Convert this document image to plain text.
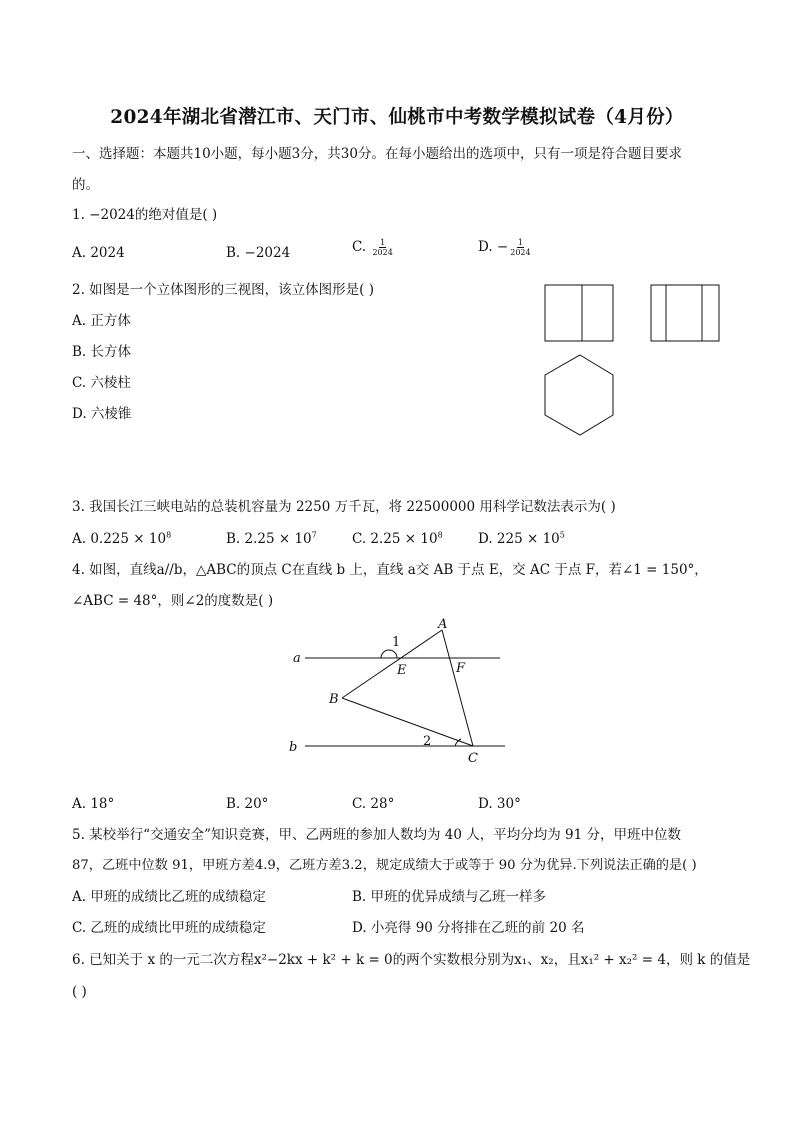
2024年湖北省潜江市、天门市、仙桃市中考数学模拟试卷（4月份）
一、选择题：本题共10小题，每小题3分，共30分。在每小题给出的选项中，只有一项是符合题目要求
的。
1. −2024的绝对值是( )
A. 2024	B. −2024	C. $\frac{1}{2024}$	D. − $\frac{1}{2024}$
2. 如图是一个立体图形的三视图，该立体图形是( )
A. 正方体
B. 长方体
C. 六棱柱
D. 六棱锥
3. 我国长江三峡电站的总装机容量为 2250 万千瓦，将 22500000 用科学记数法表示为( )
A. $0.225 \times 10^8$	B. $2.25 \times 10^7$	C. $2.25 \times 10^8$	D. $225 \times 10^5$
4. 如图，直线a//b，△ABC的顶点 C在直线 b 上，直线 a交 AB 于点 E，交 AC 于点 F，若∠1 = 150°，
∠ABC = 48°，则∠2的度数是( )
a
b
A
B
C
E	F
1
2
A. 18°	B. 20°	C. 28°	D. 30°
5. 某校举行“交通安全”知识竞赛，甲、乙两班的参加人数均为 40 人，平均分均为 91 分，甲班中位数
87，乙班中位数 91，甲班方差4.9，乙班方差3.2，规定成绩大于或等于 90 分为优异.下列说法正确的是( )
A. 甲班的成绩比乙班的成绩稳定	B. 甲班的优异成绩与乙班一样多
C. 乙班的成绩比甲班的成绩稳定	D. 小亮得 90 分将排在乙班的前 20 名
6. 已知关于 x 的一元二次方程x²−2kx + k² + k = 0的两个实数根分别为x₁、x₂，且x₁² + x₂² = 4，则 k 的值是
( )
